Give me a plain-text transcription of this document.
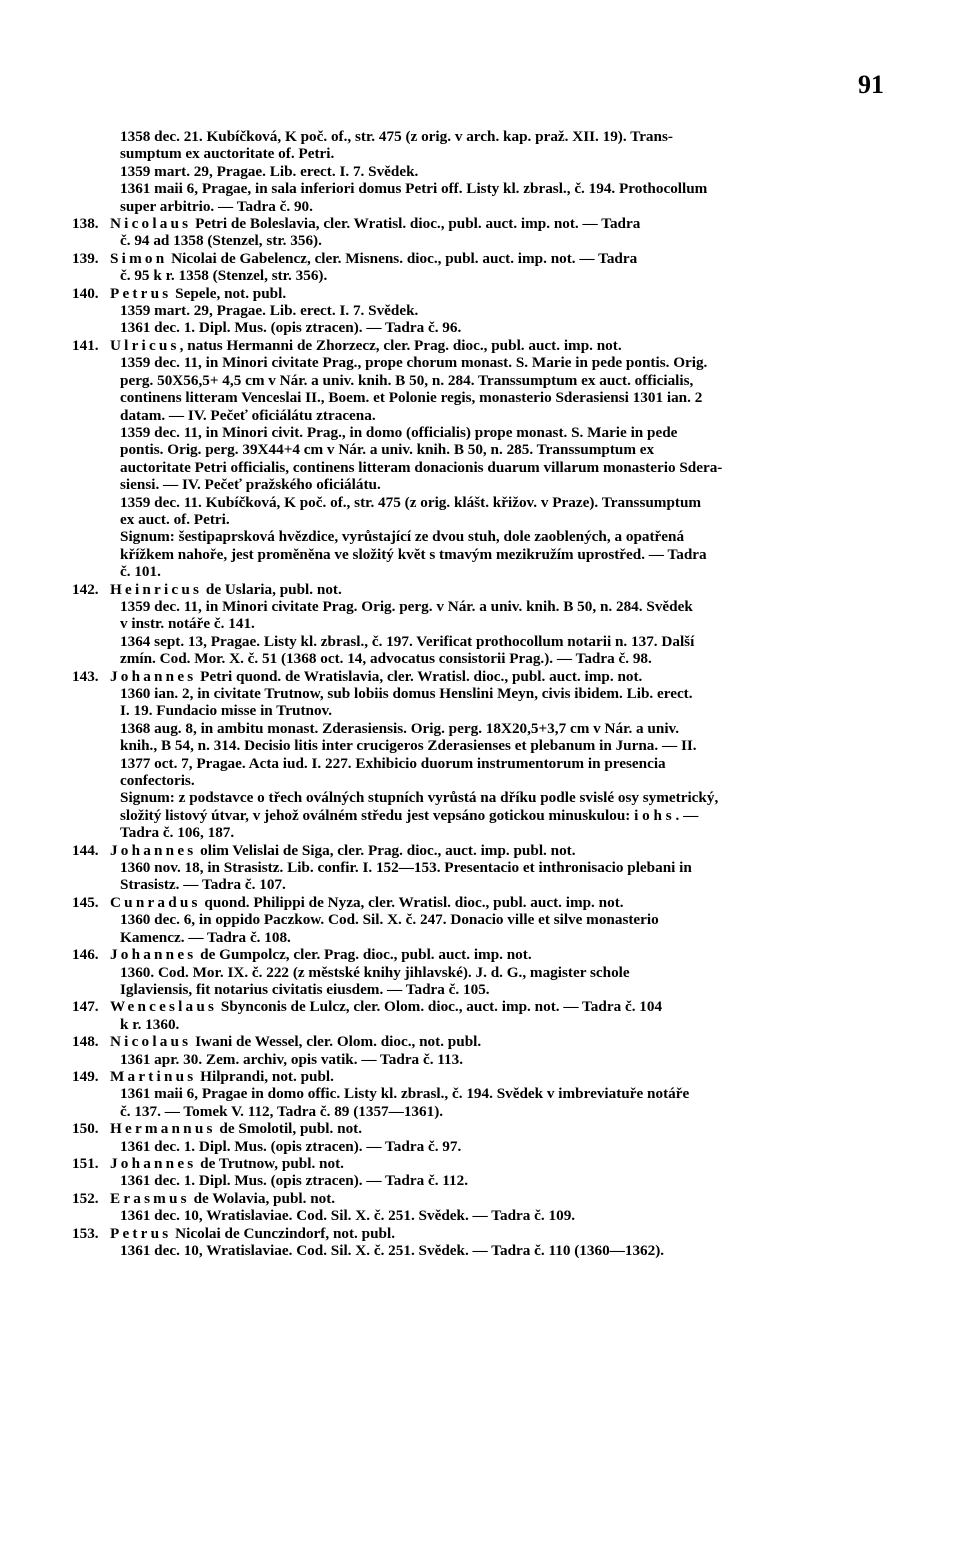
91
1358 dec. 21. Kubíčková, K poč. of., str. 475 (z orig. v arch. kap. praž. XII. 19). Trans-
sumptum ex auctoritate of. Petri.
1359 mart. 29, Pragae. Lib. erect. I. 7. Svědek.
1361 maii 6, Pragae, in sala inferiori domus Petri off. Listy kl. zbrasl., č. 194. Prothocollum
super arbitrio. — Tadra č. 90.
138. Nicolaus Petri de Boleslavia, cler. Wratisl. dioc., publ. auct. imp. not. — Tadra
č. 94 ad 1358 (Stenzel, str. 356).
139. Simon Nicolai de Gabelencz, cler. Misnens. dioc., publ. auct. imp. not. — Tadra
č. 95 k r. 1358 (Stenzel, str. 356).
140. Petrus Sepele, not. publ.
1359 mart. 29, Pragae. Lib. erect. I. 7. Svědek.
1361 dec. 1. Dipl. Mus. (opis ztracen). — Tadra č. 96.
141. Ulricus, natus Hermanni de Zhorzecz, cler. Prag. dioc., publ. auct. imp. not.
1359 dec. 11, in Minori civitate Prag., prope chorum monast. S. Marie in pede pontis. Orig.
perg. 50X56,5+ 4,5 cm v Nár. a univ. knih. B 50, n. 284. Transsumptum ex auct. officialis,
continens litteram Venceslai II., Boem. et Polonie regis, monasterio Sderasiensi 1301 ian. 2
datam. — IV. Pečeť oficiálátu ztracena.
1359 dec. 11, in Minori civit. Prag., in domo (officialis) prope monast. S. Marie in pede
pontis. Orig. perg. 39X44+4 cm v Nár. a univ. knih. B 50, n. 285. Transsumptum ex
auctoritate Petri officialis, continens litteram donacionis duarum villarum monasterio Sdera-
siensi. — IV. Pečeť pražského oficiálátu.
1359 dec. 11. Kubíčková, K poč. of., str. 475 (z orig. klášt. křižov. v Praze). Transsumptum
ex auct. of. Petri.
Signum: šestipaprsková hvězdice, vyrůstající ze dvou stuh, dole zaoblených, a opatřená
křížkem nahoře, jest proměněna ve složitý květ s tmavým mezikružím uprostřed. — Tadra
č. 101.
142. Heinricus de Uslaria, publ. not.
1359 dec. 11, in Minori civitate Prag. Orig. perg. v Nár. a univ. knih. B 50, n. 284. Svědek
v instr. notáře č. 141.
1364 sept. 13, Pragae. Listy kl. zbrasl., č. 197. Verificat prothocollum notarii n. 137. Další
zmín. Cod. Mor. X. č. 51 (1368 oct. 14, advocatus consistorii Prag.). — Tadra č. 98.
143. Johannes Petri quond. de Wratislavia, cler. Wratisl. dioc., publ. auct. imp. not.
1360 ian. 2, in civitate Trutnow, sub lobiis domus Henslini Meyn, civis ibidem. Lib. erect.
I. 19. Fundacio misse in Trutnov.
1368 aug. 8, in ambitu monast. Zderasiensis. Orig. perg. 18X20,5+3,7 cm v Nár. a univ.
knih., B 54, n. 314. Decisio litis inter crucigeros Zderasienses et plebanum in Jurna. — II.
1377 oct. 7, Pragae. Acta iud. I. 227. Exhibicio duorum instrumentorum in presencia
confectoris.
Signum: z podstavce o třech oválných stupních vyrůstá na dříku podle svislé osy symetrický,
složitý listový útvar, v jehož oválném středu jest vepsáno gotickou minuskulou: i o h s . —
Tadra č. 106, 187.
144. Johannes olim Velislai de Siga, cler. Prag. dioc., auct. imp. publ. not.
1360 nov. 18, in Strasistz. Lib. confir. I. 152—153. Presentacio et inthronisacio plebani in
Strasistz. — Tadra č. 107.
145. Cunradus quond. Philippi de Nyza, cler. Wratisl. dioc., publ. auct. imp. not.
1360 dec. 6, in oppido Paczkow. Cod. Sil. X. č. 247. Donacio ville et silve monasterio
Kamencz. — Tadra č. 108.
146. Johannes de Gumpolcz, cler. Prag. dioc., publ. auct. imp. not.
1360. Cod. Mor. IX. č. 222 (z městské knihy jihlavské). J. d. G., magister schole
Iglaviensis, fit notarius civitatis eiusdem. — Tadra č. 105.
147. Wenceslaus Sbynconis de Lulcz, cler. Olom. dioc., auct. imp. not. — Tadra č. 104
k r. 1360.
148. Nicolaus Iwani de Wessel, cler. Olom. dioc., not. publ.
1361 apr. 30. Zem. archiv, opis vatik. — Tadra č. 113.
149. Martinus Hilprandi, not. publ.
1361 maii 6, Pragae in domo offic. Listy kl. zbrasl., č. 194. Svědek v imbreviatuře notáře
č. 137. — Tomek V. 112, Tadra č. 89 (1357—1361).
150. Hermannus de Smolotil, publ. not.
1361 dec. 1. Dipl. Mus. (opis ztracen). — Tadra č. 97.
151. Johannes de Trutnow, publ. not.
1361 dec. 1. Dipl. Mus. (opis ztracen). — Tadra č. 112.
152. Erasmus de Wolavia, publ. not.
1361 dec. 10, Wratislaviae. Cod. Sil. X. č. 251. Svědek. — Tadra č. 109.
153. Petrus Nicolai de Cunczindorf, not. publ.
1361 dec. 10, Wratislaviae. Cod. Sil. X. č. 251. Svědek. — Tadra č. 110 (1360—1362).
